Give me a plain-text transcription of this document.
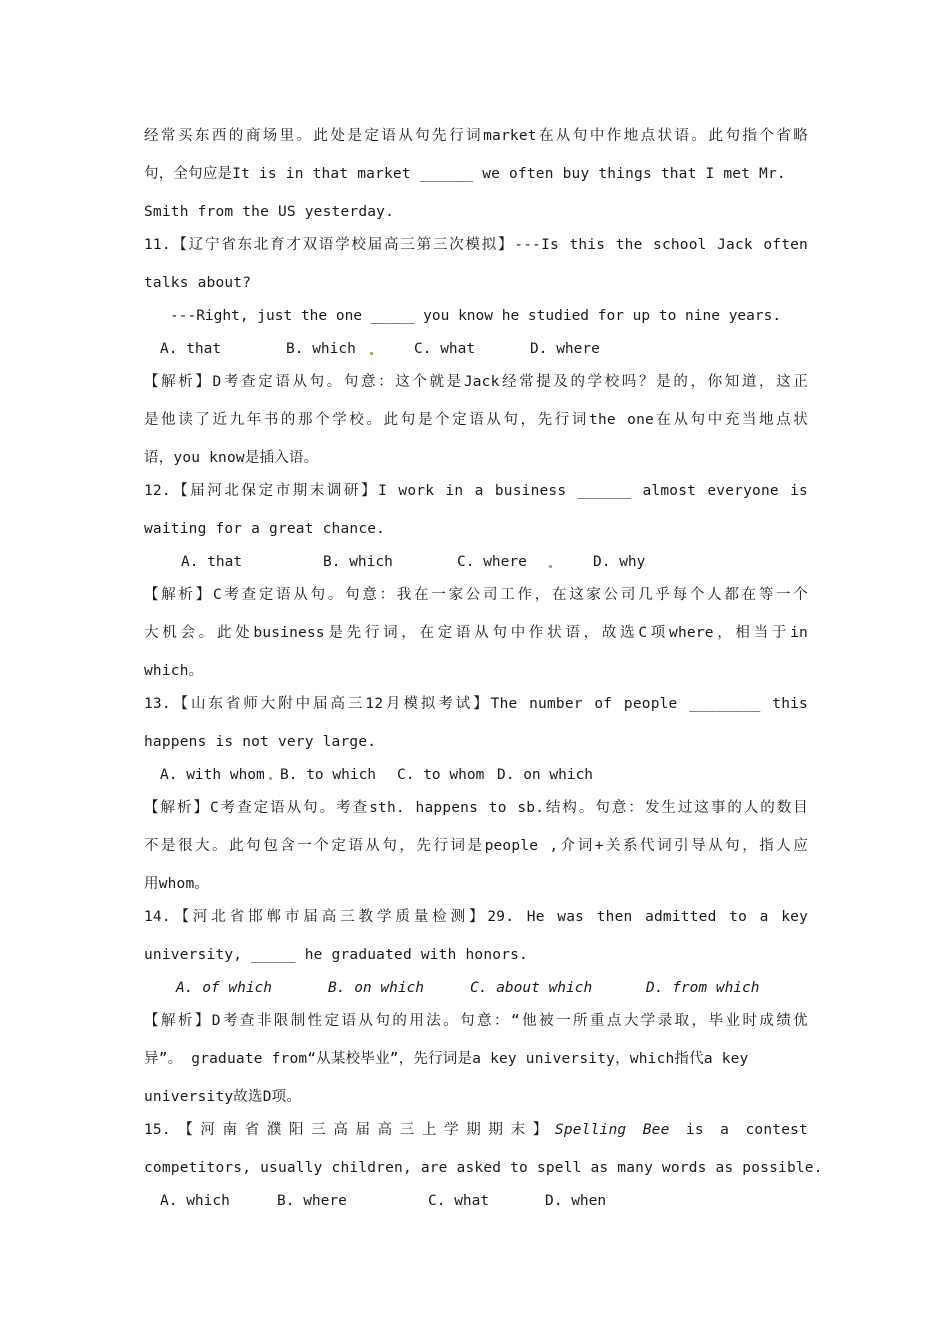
经常买东西的商场里。此处是定语从句先行词market在从句中作地点状语。此句指个省略
句，全句应是It is in that market ______ we often buy things that I met Mr.
Smith from the US yesterday.
11.【辽宁省东北育才双语学校届高三第三次模拟】---Is this the school Jack often
talks about?
---Right, just the one _____ you know he studied for up to nine years.
A. that	B. which	C. what	D. where
【解析】D考查定语从句。句意：这个就是Jack经常提及的学校吗？是的，你知道，这正
是他读了近九年书的那个学校。此句是个定语从句，先行词the one在从句中充当地点状
语，you know是插入语。
12.【届河北保定市期末调研】I work in a business ______ almost everyone is
waiting for a great chance.
A. that	B. which	C. where	D. why
【解析】C考查定语从句。句意：我在一家公司工作，在这家公司几乎每个人都在等一个
大机会。此处business是先行词，在定语从句中作状语，故选C项where，相当于in
which。
13.【山东省师大附中届高三12月模拟考试】The number of people ________ this
happens is not very large.
A. with whom B. to which C. to whom D. on which
【解析】C考查定语从句。考查sth. happens to sb.结构。句意：发生过这事的人的数目
不是很大。此句包含一个定语从句，先行词是people ,介词+关系代词引导从句，指人应
用whom。
14.【河北省邯郸市届高三教学质量检测】29. He was then admitted to a key
university, _____ he graduated with honors.
A. of which	B. on which	C. about which	D. from which
【解析】D考查非限制性定语从句的用法。句意：“他被一所重点大学录取，毕业时成绩优
异”。 graduate from“从某校毕业”，先行词是a key university，which指代a key
university故选D项。
15.【河南省濮阳三高届高三上学期期末】Spelling Bee is a contest
competitors, usually children, are asked to spell as many words as possible.
A. which	B. where	C. what	D. when
